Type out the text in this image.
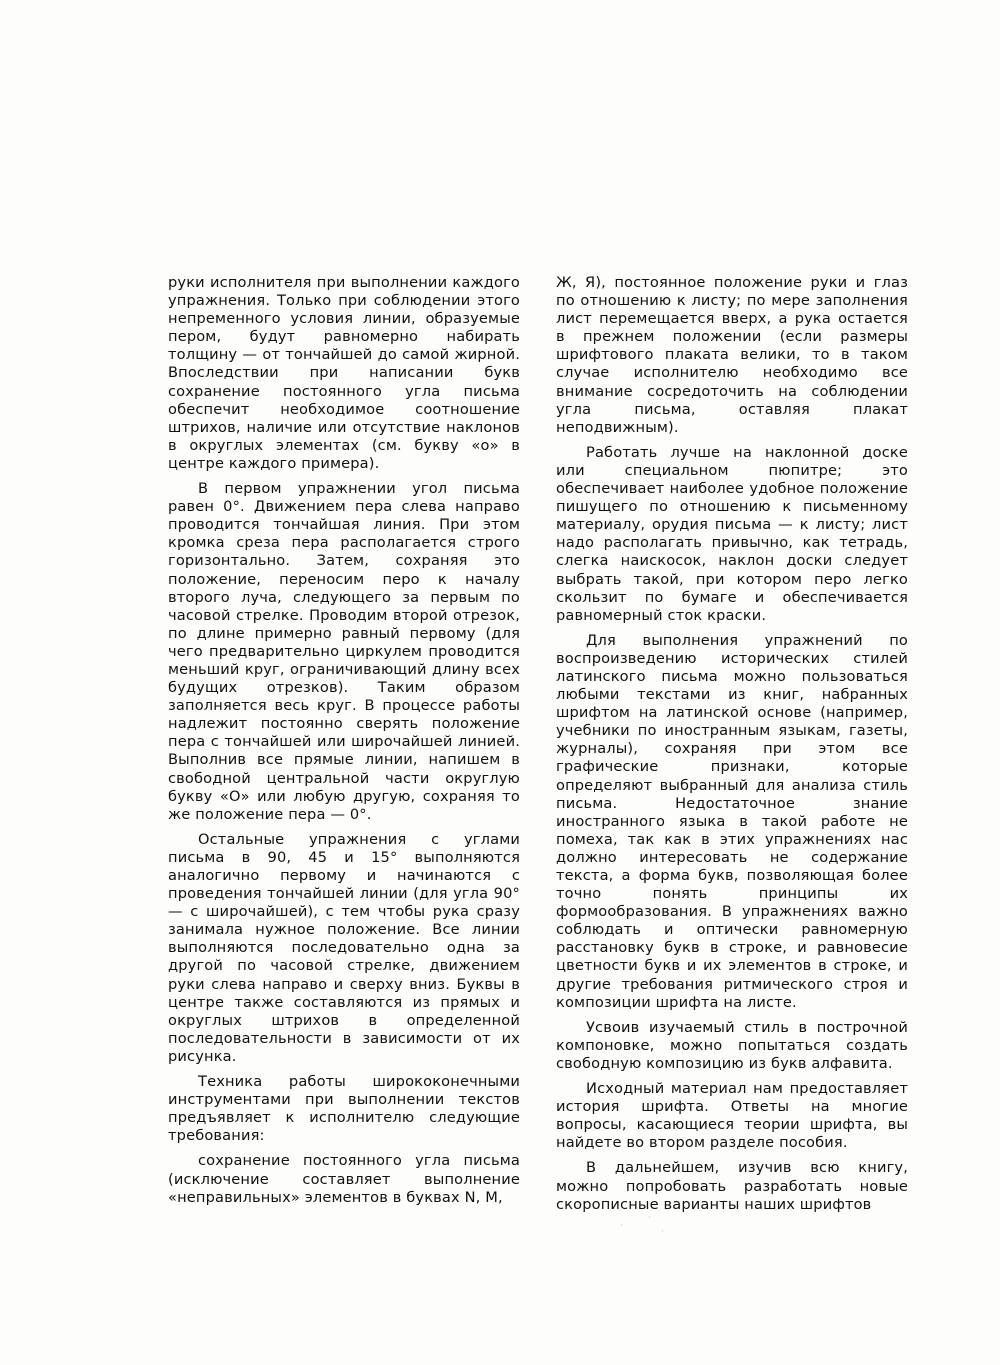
руки исполнителя при выполнении каждого упражнения. Только при соблюдении этого непременного условия линии, образуемые пером, будут равномерно набирать толщину — от тончайшей до самой жирной. Впоследствии при написании букв сохранение постоянного угла письма обеспечит необходимое соотношение штрихов, наличие или отсутствие наклонов в округлых элементах (см. букву «о» в центре каждого примера).

В первом упражнении угол письма равен 0°. Движением пера слева направо проводится тончайшая линия. При этом кромка среза пера располагается строго горизонтально. Затем, сохраняя это положение, переносим перо к началу второго луча, следующего за первым по часовой стрелке. Проводим второй отрезок, по длине примерно равный первому (для чего предварительно циркулем проводится меньший круг, ограничивающий длину всех будущих отрезков). Таким образом заполняется весь круг. В процессе работы надлежит постоянно сверять положение пера с тончайшей или широчайшей линией. Выполнив все прямые линии, напишем в свободной центральной части округлую букву «О» или любую другую, сохраняя то же положение пера — 0°.

Остальные упражнения с углами письма в 90, 45 и 15° выполняются аналогично первому и начинаются с проведения тончайшей линии (для угла 90° — с широчайшей), с тем чтобы рука сразу занимала нужное положение. Все линии выполняются последовательно одна за другой по часовой стрелке, движением руки слева направо и сверху вниз. Буквы в центре также составляются из прямых и округлых штрихов в определенной последовательности в зависимости от их рисунка.

Техника работы ширококонечными инструментами при выполнении текстов предъявляет к исполнителю следующие требования:

сохранение постоянного угла письма (исключение составляет выполнение «неправильных» элементов в буквах N, M,

Ж, Я), постоянное положение руки и глаз по отношению к листу; по мере заполнения лист перемещается вверх, а рука остается в прежнем положении (если размеры шрифтового плаката велики, то в таком случае исполнителю необходимо все внимание сосредоточить на соблюдении угла письма, оставляя плакат неподвижным).

Работать лучше на наклонной доске или специальном пюпитре; это обеспечивает наиболее удобное положение пишущего по отношению к письменному материалу, орудия письма — к листу; лист надо располагать привычно, как тетрадь, слегка наискосок, наклон доски следует выбрать такой, при котором перо легко скользит по бумаге и обеспечивается равномерный сток краски.

Для выполнения упражнений по воспроизведению исторических стилей латинского письма можно пользоваться любыми текстами из книг, набранных шрифтом на латинской основе (например, учебники по иностранным языкам, газеты, журналы), сохраняя при этом все графические признаки, которые определяют выбранный для анализа стиль письма. Недостаточное знание иностранного языка в такой работе не помеха, так как в этих упражнениях нас должно интересовать не содержание текста, а форма букв, позволяющая более точно понять принципы их формообразования. В упражнениях важно соблюдать и оптически равномерную расстановку букв в строке, и равновесие цветности букв и их элементов в строке, и другие требования ритмического строя и композиции шрифта на листе.

Усвоив изучаемый стиль в построчной компоновке, можно попытаться создать свободную композицию из букв алфавита.

Исходный материал нам предоставляет история шрифта. Ответы на многие вопросы, касающиеся теории шрифта, вы найдете во втором разделе пособия.

В дальнейшем, изучив всю книгу, можно попробовать разработать новые скорописные варианты наших шрифтов

·
·
·
